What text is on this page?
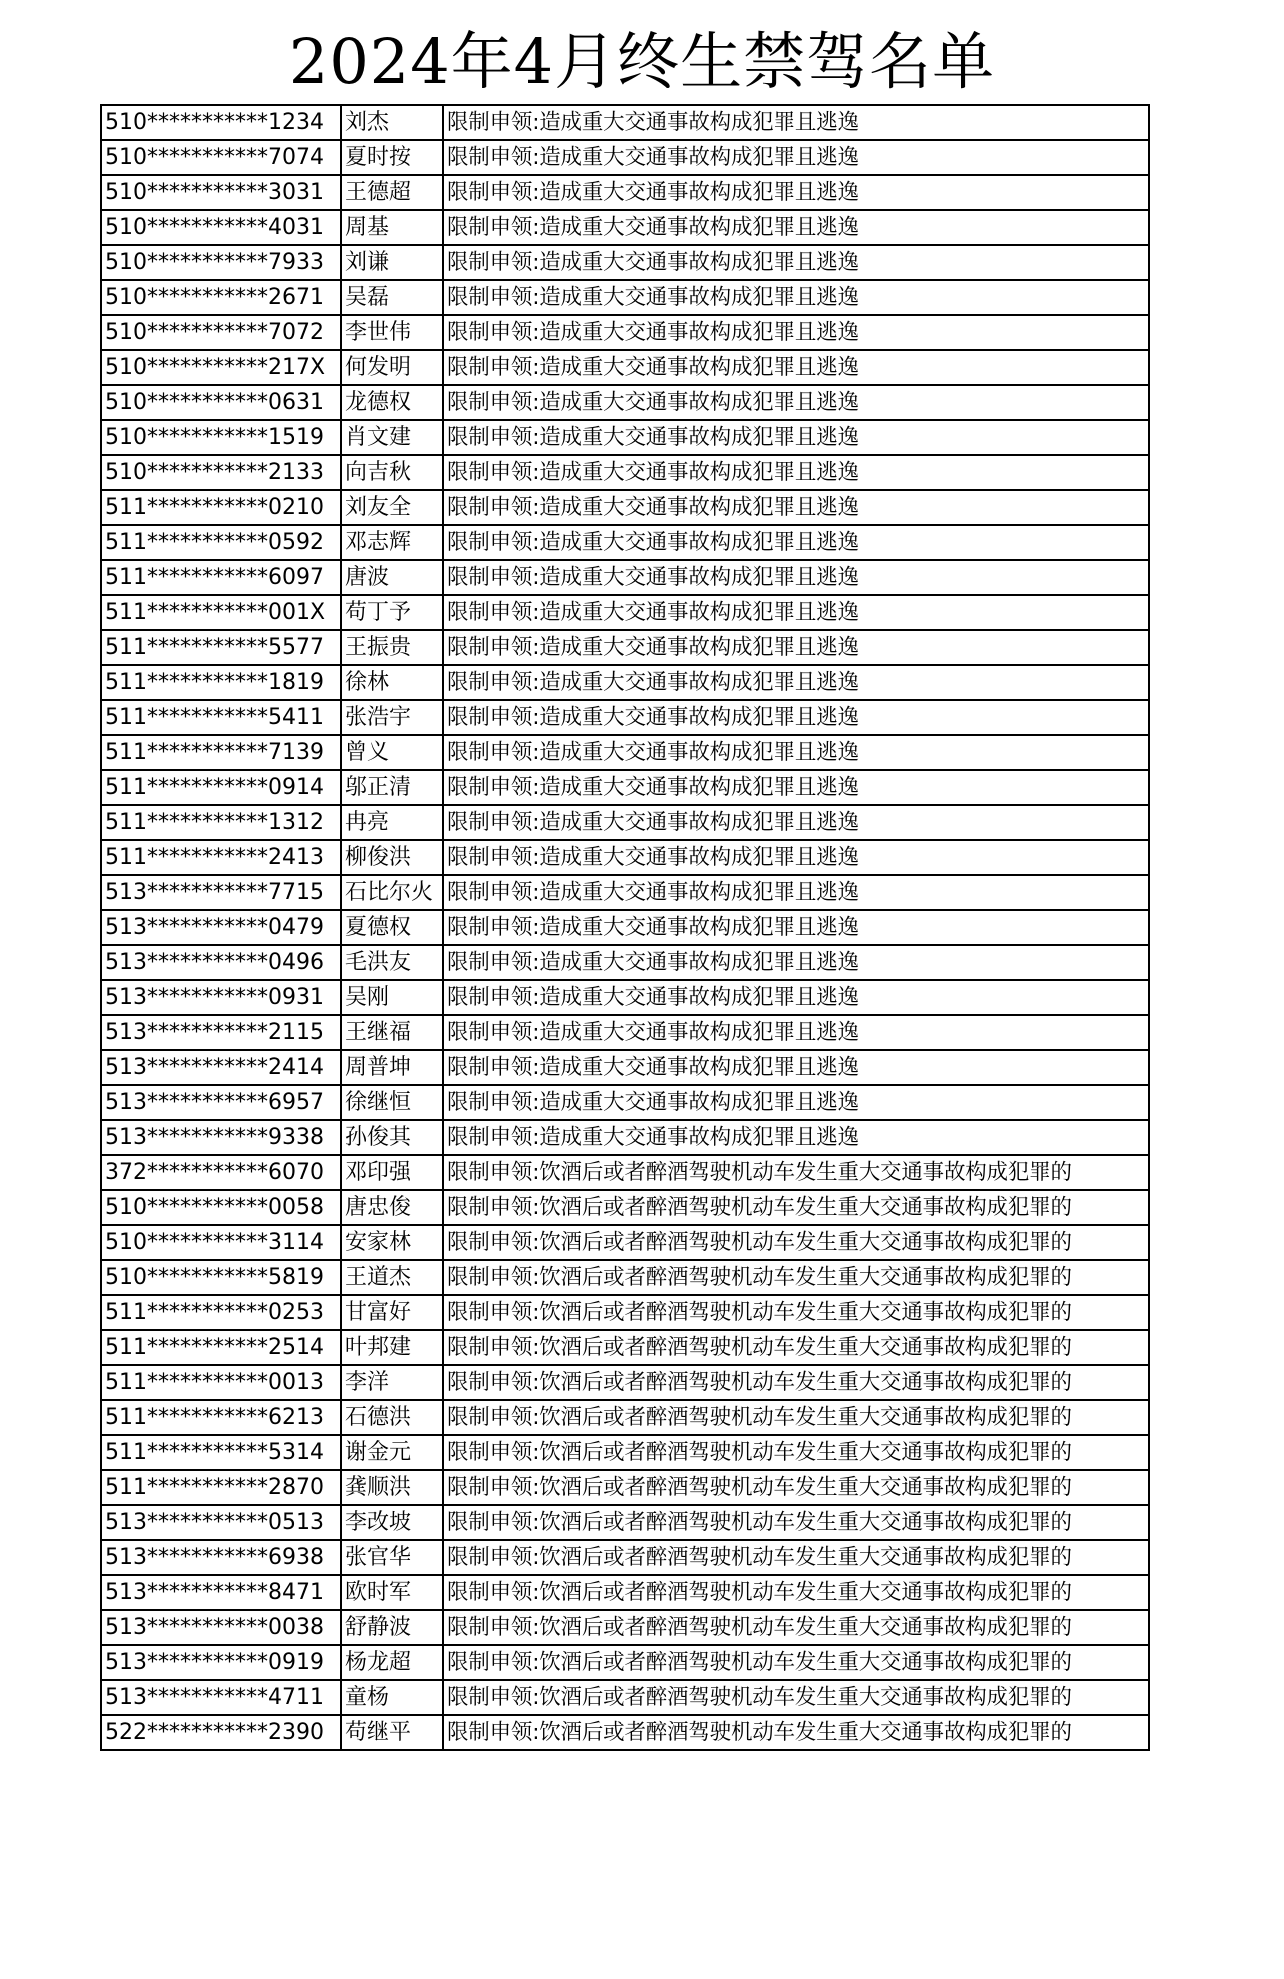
2024年4月终生禁驾名单
510***********1234	刘杰	限制申领:造成重大交通事故构成犯罪且逃逸
510***********7074	夏时按	限制申领:造成重大交通事故构成犯罪且逃逸
510***********3031	王德超	限制申领:造成重大交通事故构成犯罪且逃逸
510***********4031	周基	限制申领:造成重大交通事故构成犯罪且逃逸
510***********7933	刘谦	限制申领:造成重大交通事故构成犯罪且逃逸
510***********2671	吴磊	限制申领:造成重大交通事故构成犯罪且逃逸
510***********7072	李世伟	限制申领:造成重大交通事故构成犯罪且逃逸
510***********217X	何发明	限制申领:造成重大交通事故构成犯罪且逃逸
510***********0631	龙德权	限制申领:造成重大交通事故构成犯罪且逃逸
510***********1519	肖文建	限制申领:造成重大交通事故构成犯罪且逃逸
510***********2133	向吉秋	限制申领:造成重大交通事故构成犯罪且逃逸
511***********0210	刘友全	限制申领:造成重大交通事故构成犯罪且逃逸
511***********0592	邓志辉	限制申领:造成重大交通事故构成犯罪且逃逸
511***********6097	唐波	限制申领:造成重大交通事故构成犯罪且逃逸
511***********001X	苟丁予	限制申领:造成重大交通事故构成犯罪且逃逸
511***********5577	王振贵	限制申领:造成重大交通事故构成犯罪且逃逸
511***********1819	徐林	限制申领:造成重大交通事故构成犯罪且逃逸
511***********5411	张浩宇	限制申领:造成重大交通事故构成犯罪且逃逸
511***********7139	曾义	限制申领:造成重大交通事故构成犯罪且逃逸
511***********0914	邬正清	限制申领:造成重大交通事故构成犯罪且逃逸
511***********1312	冉亮	限制申领:造成重大交通事故构成犯罪且逃逸
511***********2413	柳俊洪	限制申领:造成重大交通事故构成犯罪且逃逸
513***********7715	石比尔火	限制申领:造成重大交通事故构成犯罪且逃逸
513***********0479	夏德权	限制申领:造成重大交通事故构成犯罪且逃逸
513***********0496	毛洪友	限制申领:造成重大交通事故构成犯罪且逃逸
513***********0931	吴刚	限制申领:造成重大交通事故构成犯罪且逃逸
513***********2115	王继福	限制申领:造成重大交通事故构成犯罪且逃逸
513***********2414	周普坤	限制申领:造成重大交通事故构成犯罪且逃逸
513***********6957	徐继恒	限制申领:造成重大交通事故构成犯罪且逃逸
513***********9338	孙俊其	限制申领:造成重大交通事故构成犯罪且逃逸
372***********6070	邓印强	限制申领:饮酒后或者醉酒驾驶机动车发生重大交通事故构成犯罪的
510***********0058	唐忠俊	限制申领:饮酒后或者醉酒驾驶机动车发生重大交通事故构成犯罪的
510***********3114	安家林	限制申领:饮酒后或者醉酒驾驶机动车发生重大交通事故构成犯罪的
510***********5819	王道杰	限制申领:饮酒后或者醉酒驾驶机动车发生重大交通事故构成犯罪的
511***********0253	甘富好	限制申领:饮酒后或者醉酒驾驶机动车发生重大交通事故构成犯罪的
511***********2514	叶邦建	限制申领:饮酒后或者醉酒驾驶机动车发生重大交通事故构成犯罪的
511***********0013	李洋	限制申领:饮酒后或者醉酒驾驶机动车发生重大交通事故构成犯罪的
511***********6213	石德洪	限制申领:饮酒后或者醉酒驾驶机动车发生重大交通事故构成犯罪的
511***********5314	谢金元	限制申领:饮酒后或者醉酒驾驶机动车发生重大交通事故构成犯罪的
511***********2870	龚顺洪	限制申领:饮酒后或者醉酒驾驶机动车发生重大交通事故构成犯罪的
513***********0513	李改坡	限制申领:饮酒后或者醉酒驾驶机动车发生重大交通事故构成犯罪的
513***********6938	张官华	限制申领:饮酒后或者醉酒驾驶机动车发生重大交通事故构成犯罪的
513***********8471	欧时军	限制申领:饮酒后或者醉酒驾驶机动车发生重大交通事故构成犯罪的
513***********0038	舒静波	限制申领:饮酒后或者醉酒驾驶机动车发生重大交通事故构成犯罪的
513***********0919	杨龙超	限制申领:饮酒后或者醉酒驾驶机动车发生重大交通事故构成犯罪的
513***********4711	童杨	限制申领:饮酒后或者醉酒驾驶机动车发生重大交通事故构成犯罪的
522***********2390	苟继平	限制申领:饮酒后或者醉酒驾驶机动车发生重大交通事故构成犯罪的
